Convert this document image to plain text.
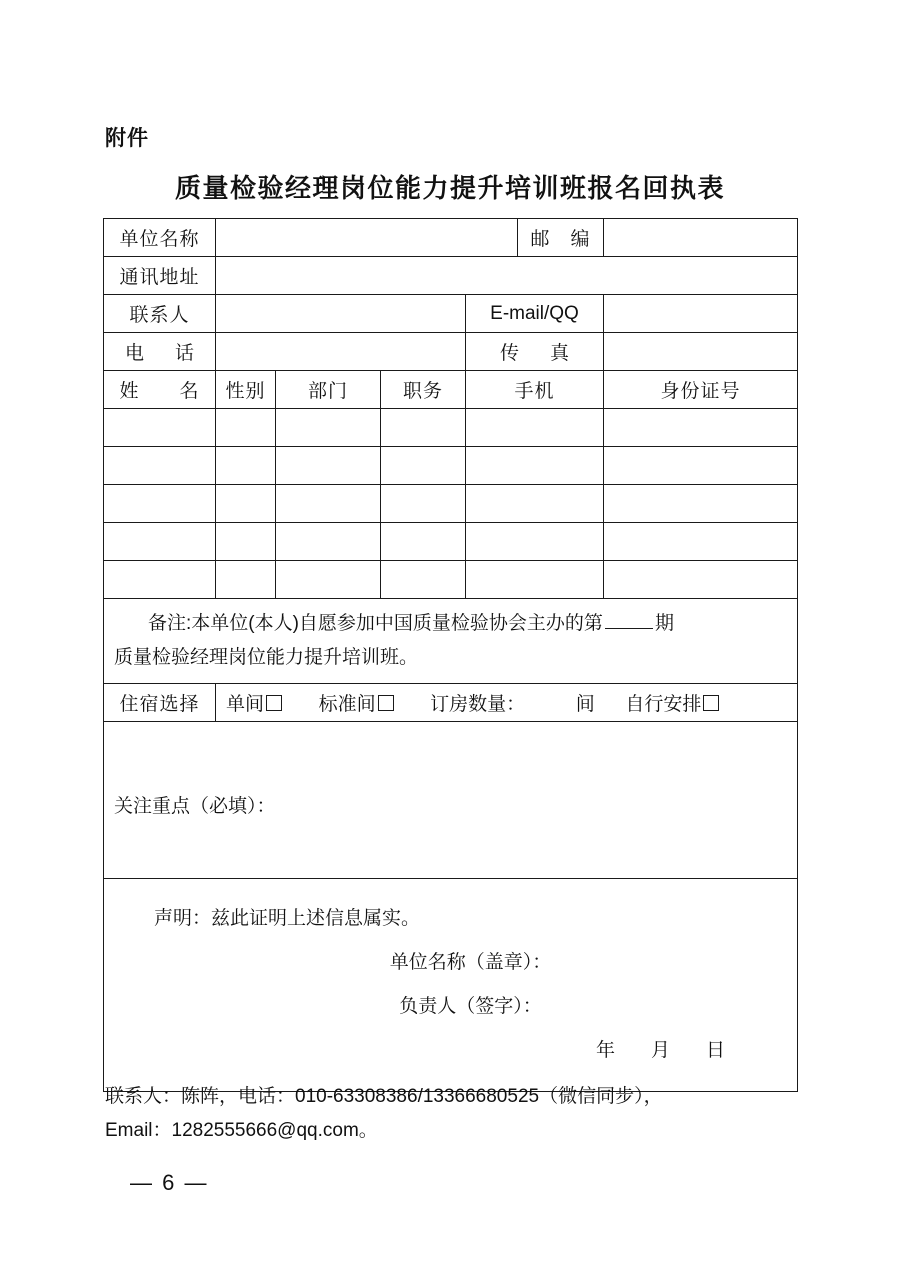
附件
质量检验经理岗位能力提升培训班报名回执表
单位名称					邮　编	
通讯地址						
联系人				E-mail/QQ		
电　话				传　真		
姓　　名	性别	部门	职务	手机		身份证号

备注:本单位(本人)自愿参加中国质量检验协会主办的第 期
质量检验经理岗位能力提升培训班。						
住宿选择	单间 标准间 订房数量： 间 自行安排					
关注重点（必填）：						

声明：兹此证明上述信息属实。
单位名称（盖章）：
负责人（签字）：
年 月 日						
联系人：陈阵，电话：010-63308386/13366680525（微信同步），
Email：1282555666@qq.com。
— 6 —
